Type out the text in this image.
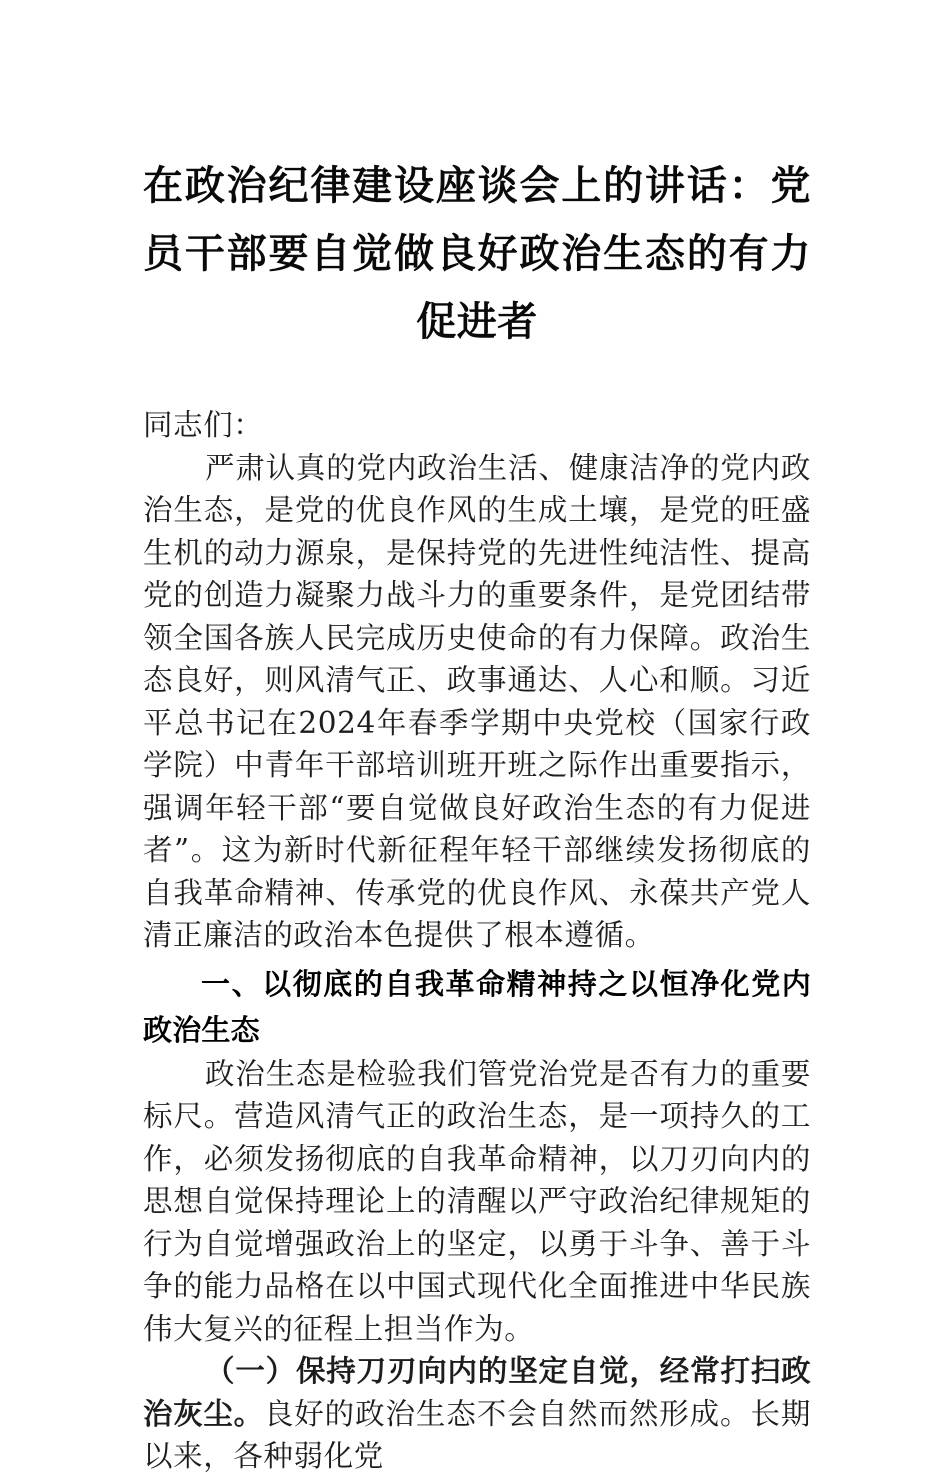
在政治纪律建设座谈会上的讲话：党员干部要自觉做良好政治生态的有力促进者

同志们：

严肃认真的党内政治生活、健康洁净的党内政治生态，是党的优良作风的生成土壤，是党的旺盛生机的动力源泉，是保持党的先进性纯洁性、提高党的创造力凝聚力战斗力的重要条件，是党团结带领全国各族人民完成历史使命的有力保障。政治生态良好，则风清气正、政事通达、人心和顺。习近平总书记在2024年春季学期中央党校（国家行政学院）中青年干部培训班开班之际作出重要指示，强调年轻干部“要自觉做良好政治生态的有力促进者”。这为新时代新征程年轻干部继续发扬彻底的自我革命精神、传承党的优良作风、永葆共产党人清正廉洁的政治本色提供了根本遵循。

一、以彻底的自我革命精神持之以恒净化党内政治生态

政治生态是检验我们管党治党是否有力的重要标尺。营造风清气正的政治生态，是一项持久的工作，必须发扬彻底的自我革命精神，以刀刃向内的思想自觉保持理论上的清醒以严守政治纪律规矩的行为自觉增强政治上的坚定，以勇于斗争、善于斗争的能力品格在以中国式现代化全面推进中华民族伟大复兴的征程上担当作为。

（一）保持刀刃向内的坚定自觉，经常打扫政治灰尘。良好的政治生态不会自然而然形成。长期以来，各种弱化党
